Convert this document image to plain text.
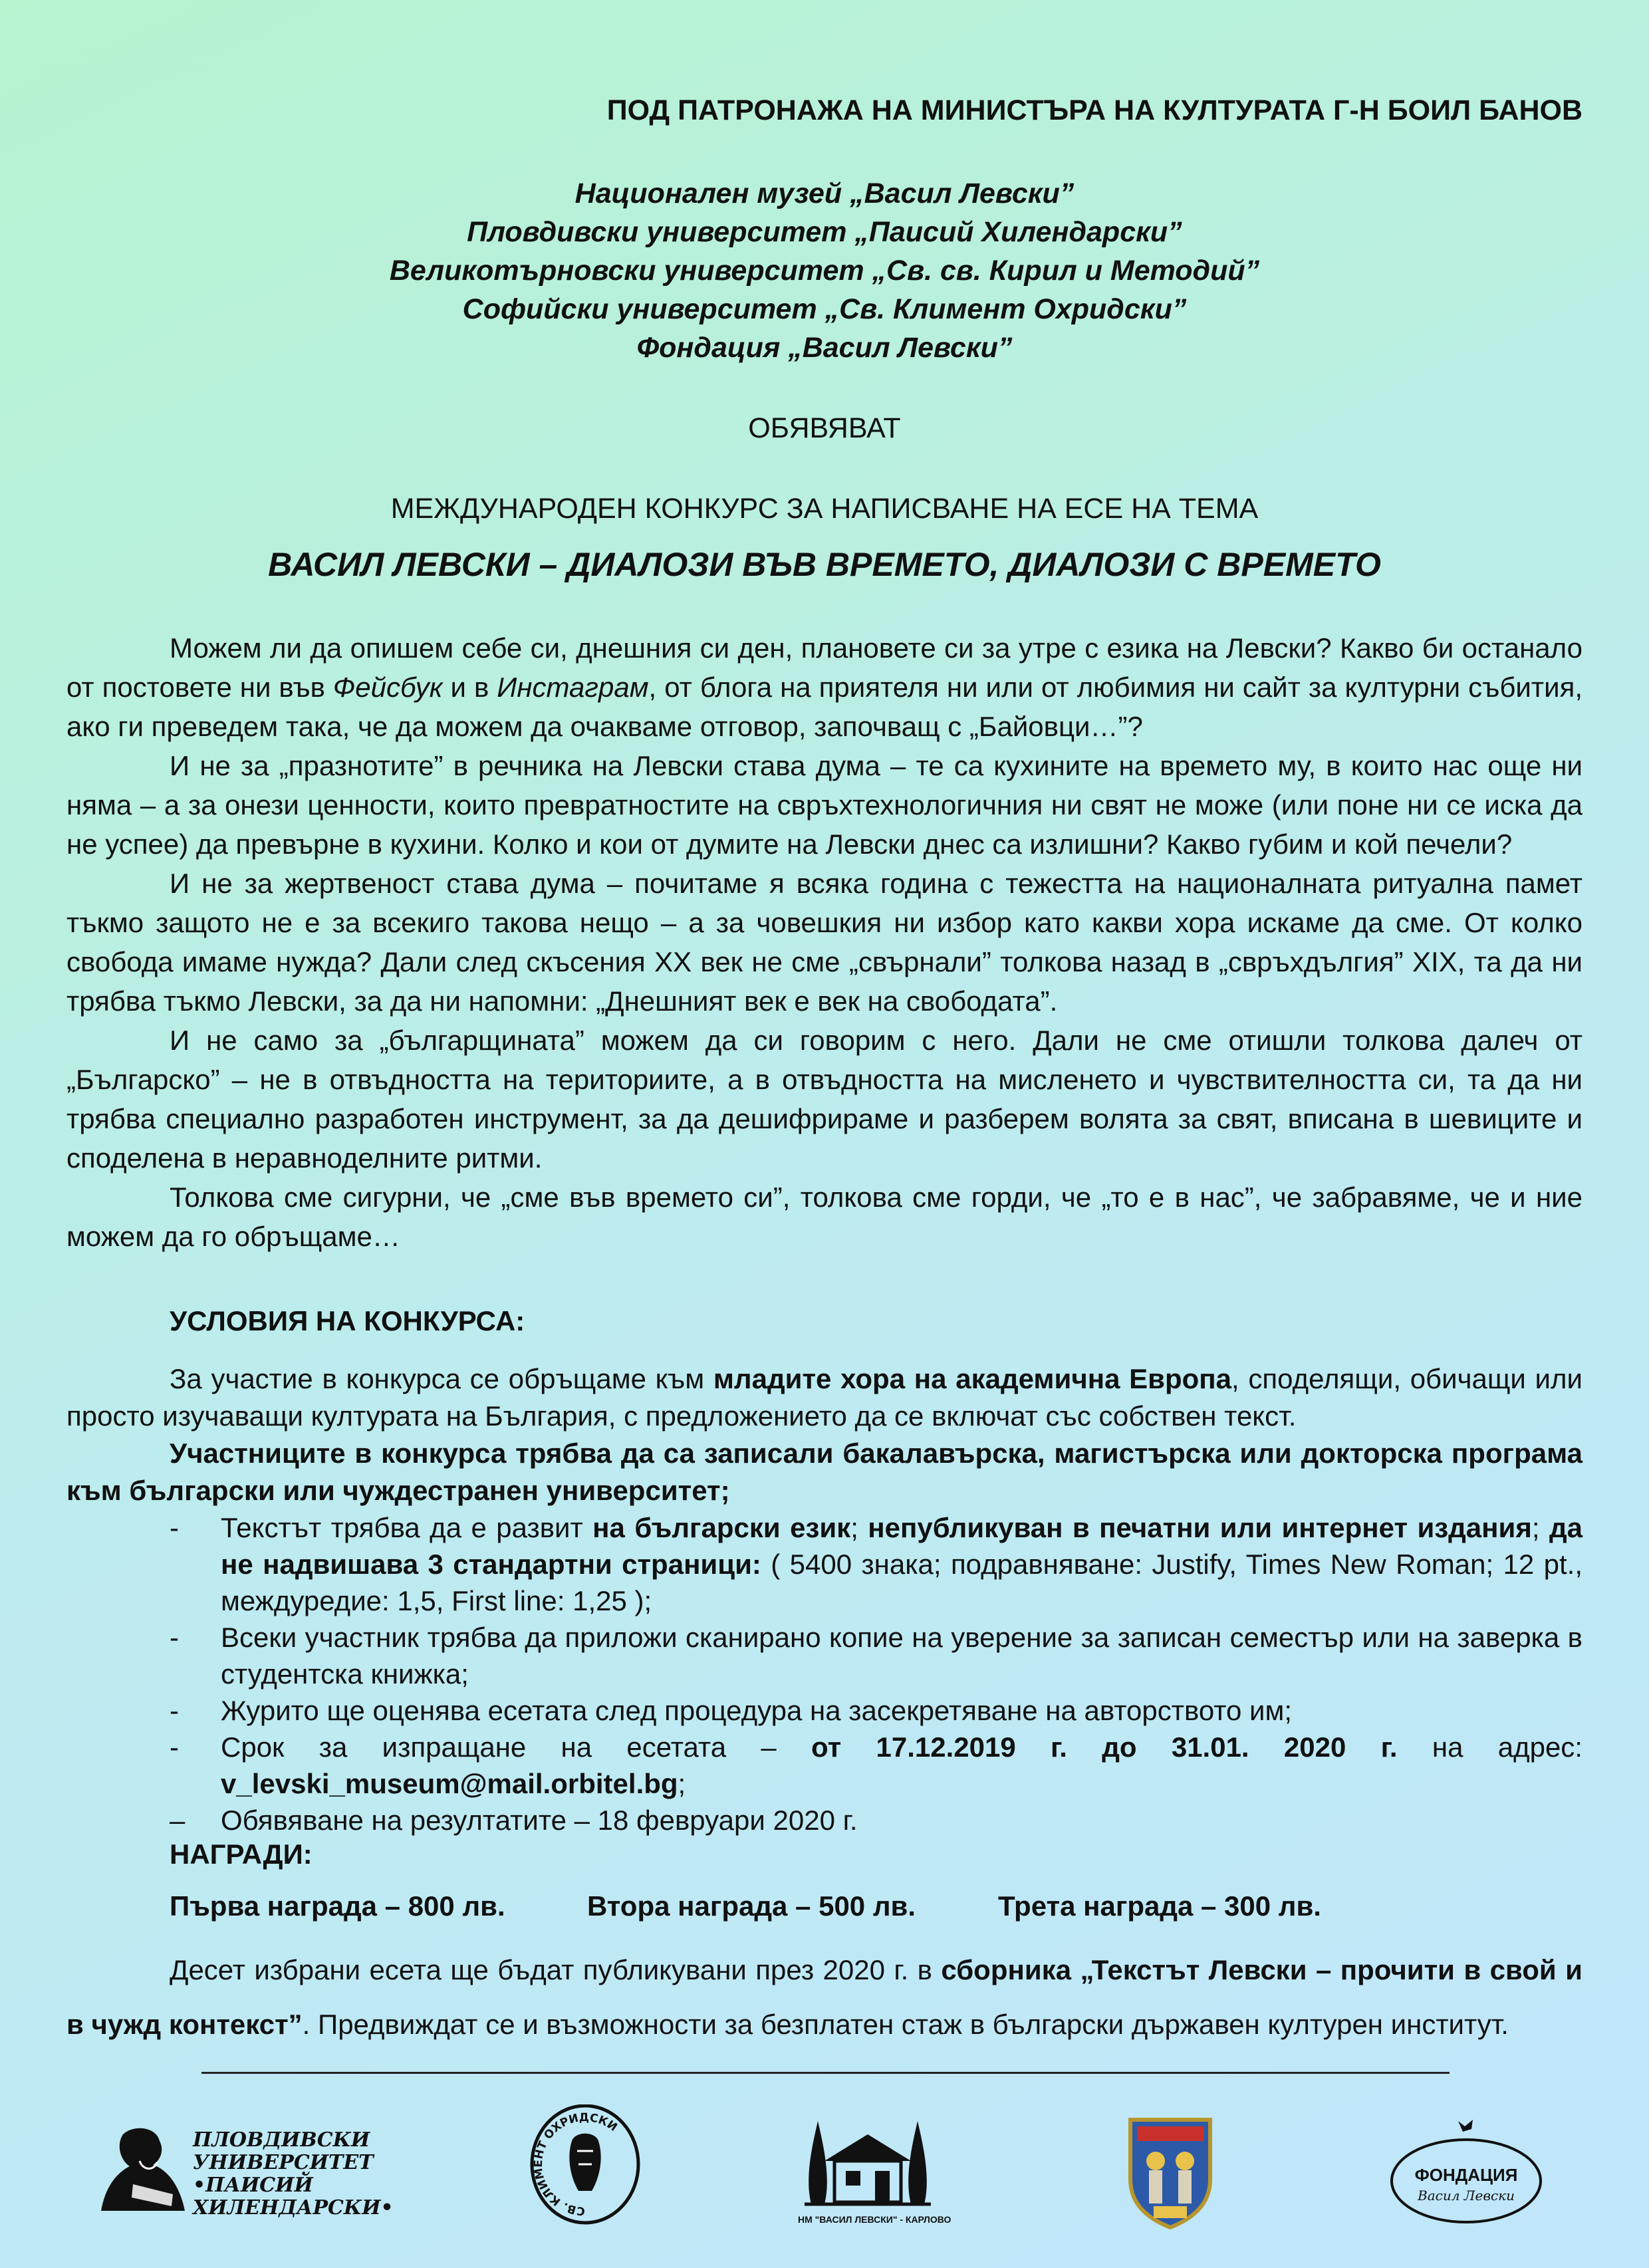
ПОД ПАТРОНАЖА НА МИНИСТЪРА НА КУЛТУРАТА Г-Н БОИЛ БАНОВ
Национален музей „Васил Левски”
Пловдивски университет „Паисий Хилендарски”
Великотърновски университет „Св. св. Кирил и Методий”
Софийски университет „Св. Климент Охридски”
Фондация „Васил Левски”
ОБЯВЯВАТ
МЕЖДУНАРОДЕН КОНКУРС ЗА НАПИСВАНЕ НА ЕСЕ НА ТЕМА
ВАСИЛ ЛЕВСКИ – ДИАЛОЗИ ВЪВ ВРЕМЕТО, ДИАЛОЗИ С ВРЕМЕТО

Можем ли да опишем себе си, днешния си ден, плановете си за утре с езика на Левски? Какво би останало от постовете ни във Фейсбук и в Инстаграм, от блога на приятеля ни или от любимия ни сайт за културни събития, ако ги преведем така, че да можем да очакваме отговор, започващ с „Байовци…”?

И не за „празнотите” в речника на Левски става дума – те са кухините на времето му, в които нас още ни няма – а за онези ценности, които превратностите на свръхтехнологичния ни свят не може (или поне ни се иска да не успее) да превърне в кухини. Колко и кои от думите на Левски днес са излишни? Какво губим и кой печели?

И не за жертвеност става дума – почитаме я всяка година с тежестта на националната ритуална памет тъкмо защото не е за всекиго такова нещо – а за човешкия ни избор като какви хора искаме да сме. От колко свобода имаме нужда? Дали след скъсения XX век не сме „свърнали” толкова назад в „свръхдългия” XIX, та да ни трябва тъкмо Левски, за да ни напомни: „Днешният век е век на свободата”.

И не само за „българщината” можем да си говорим с него. Дали не сме отишли толкова далеч от „Българско” – не в отвъдността на териториите, а в отвъдността на мисленето и чувствителността си, та да ни трябва специално разработен инструмент, за да дешифрираме и разберем волята за свят, вписана в шевиците и споделена в неравноделните ритми.

Толкова сме сигурни, че „сме във времето си”, толкова сме горди, че „то е в нас”, че забравяме, че и ние можем да го обръщаме…

УСЛОВИЯ НА КОНКУРСА:

За участие в конкурса се обръщаме към младите хора на академична Европа, споделящи, обичащи или просто изучаващи културата на България, с предложението да се включат със собствен текст.

Участниците в конкурса трябва да са записали бакалавърска, магистърска или докторска програма към български или чуждестранен университет;

- Текстът трябва да е развит на български език; непубликуван в печатни или интернет издания; да не надвишава 3 стандартни страници: ( 5400 знака; подравняване: Justify, Times New Roman; 12 pt., междуредие: 1,5, First line: 1,25 );
- Всеки участник трябва да приложи сканирано копие на уверение за записан семестър или на заверка в студентска книжка;
- Журито ще оценява есетата след процедура на засекретяване на авторството им;
- Срок за изпращане на есетата – от 17.12.2019 г. до 31.01. 2020 г. на адрес: v_levski_museum@mail.orbitel.bg;
– Обявяване на резултатите – 18 февруари 2020 г.
НАГРАДИ:
Първа награда – 800 лв.	Втора награда – 500 лв.	Трета награда – 300 лв.

Десет избрани есета ще бъдат публикувани през 2020 г. в сборника „Текстът Левски – прочити в свой и в чужд контекст”. Предвиждат се и възможности за безплатен стаж в български държавен културен институт.

ПЛОВДИВСКИ
УНИВЕРСИТЕТ
•ПАИСИЙ
ХИЛЕНДАРСКИ•	СВ. КЛИМЕНТ ОХРИДСКИ
НМ "ВАСИЛ ЛЕВСКИ" - КАРЛОВО
ФОНДАЦИЯ
Васил Левски
